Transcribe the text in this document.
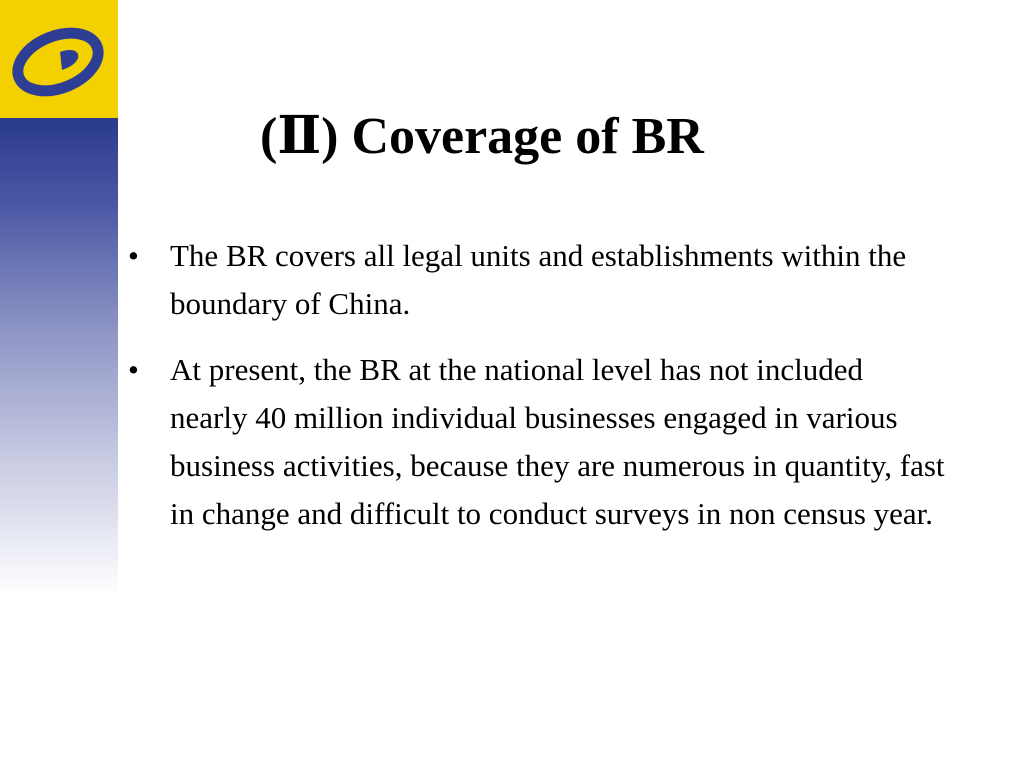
(Ⅱ) Coverage of BR
•	The BR covers all legal units and establishments within the boundary of China.
•	At present, the BR at the national level has not included nearly 40 million individual businesses engaged in various business activities, because they are numerous in quantity, fast in change and difficult to conduct surveys in non census year.
